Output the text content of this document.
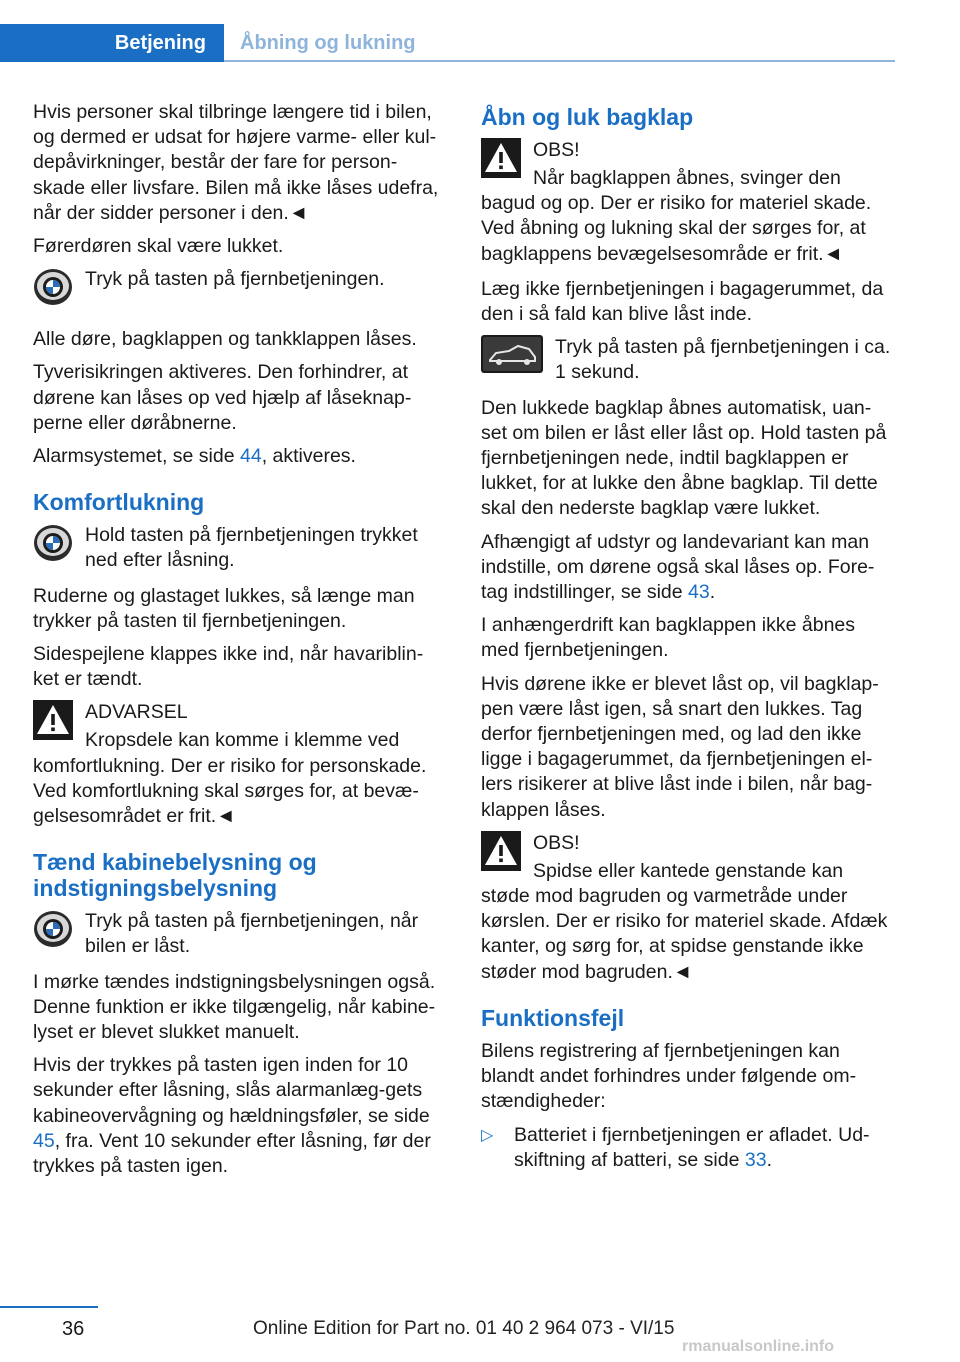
Betjening	Åbning og lukning

Hvis personer skal tilbringe længere tid i bilen, og dermed er udsat for højere varme- eller kul-depåvirkninger, består der fare for person-skade eller livsfare. Bilen må ikke låses udefra, når der sidder personer i den.◄

Førerdøren skal være lukket.

Tryk på tasten på fjernbetjeningen.

Alle døre, bagklappen og tankklappen låses.

Tyverisikringen aktiveres. Den forhindrer, at dørene kan låses op ved hjælp af låseknap-perne eller døråbnerne.

Alarmsystemet, se side 44, aktiveres.

Komfortlukning
Hold tasten på fjernbetjeningen trykket ned efter låsning.

Ruderne og glastaget lukkes, så længe man trykker på tasten til fjernbetjeningen.

Sidespejlene klappes ikke ind, når havariblin-ket er tændt.

ADVARSEL
Kropsdele kan komme i klemme ved
komfortlukning. Der er risiko for personskade. Ved komfortlukning skal sørges for, at bevæ-gelsesområdet er frit.◄
Tænd kabinebelysning og indstigningsbelysning
Tryk på tasten på fjernbetjeningen, når bilen er låst.

I mørke tændes indstigningsbelysningen også. Denne funktion er ikke tilgængelig, når kabine-lyset er blevet slukket manuelt.

Hvis der trykkes på tasten igen inden for 10 sekunder efter låsning, slås alarmanlæg-gets kabineovervågning og hældningsføler, se side 45, fra. Vent 10 sekunder efter låsning, før der trykkes på tasten igen.

Åbn og luk bagklap
OBS!
Når bagklappen åbnes, svinger den
bagud og op. Der er risiko for materiel skade. Ved åbning og lukning skal der sørges for, at bagklappens bevægelsesområde er frit.◄

Læg ikke fjernbetjeningen i bagagerummet, da den i så fald kan blive låst inde.

Tryk på tasten på fjernbetjeningen i ca. 1 sekund.

Den lukkede bagklap åbnes automatisk, uan-set om bilen er låst eller låst op. Hold tasten på fjernbetjeningen nede, indtil bagklappen er lukket, for at lukke den åbne bagklap. Til dette skal den nederste bagklap være lukket.

Afhængigt af udstyr og landevariant kan man indstille, om dørene også skal låses op. Fore-tag indstillinger, se side 43.

I anhængerdrift kan bagklappen ikke åbnes med fjernbetjeningen.

Hvis dørene ikke er blevet låst op, vil bagklap-pen være låst igen, så snart den lukkes. Tag derfor fjernbetjeningen med, og lad den ikke ligge i bagagerummet, da fjernbetjeningen el-lers risikerer at blive låst inde i bilen, når bag-klappen låses.

OBS!
Spidse eller kantede genstande kan
støde mod bagruden og varmetråde under kørslen. Der er risiko for materiel skade. Afdæk kanter, og sørg for, at spidse genstande ikke støder mod bagruden.◄
Funktionsfejl

Bilens registrering af fjernbetjeningen kan blandt andet forhindres under følgende om-stændigheder:

▷ Batteriet i fjernbetjeningen er afladet. Ud-skiftning af batteri, se side 33.
36	Online Edition for Part no. 01 40 2 964 073 - VI/15
rmanualsonline.info
